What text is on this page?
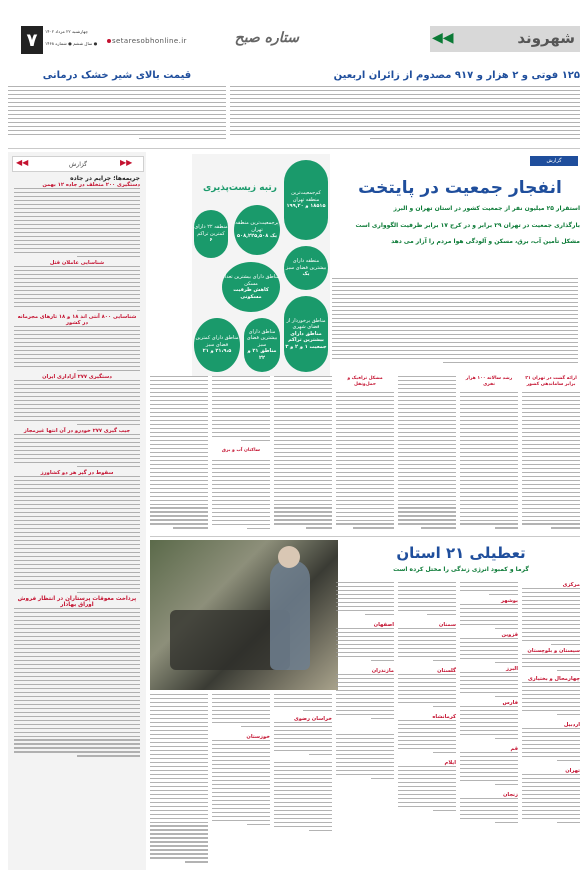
۷ چهارشنبه ۲۲ مرداد ۱۴۰۲
● سال ششم ● شماره ۱۴۶۸	setaresobhonline.ir	ستاره صبح	شهروند
◀◀
۱۲۵ فوتی و ۲ هزار و ۹۱۷ مصدوم از زائران اربعین
قیمت بالای شیر خشک درمانی
گزارش
انفجار جمعیت در پایتخت
استقرار ۲۵ میلیون نفر از جمعیت کشور در استان تهران و البرز
بارگذاری جمعیت در تهران ۲۹ برابر و در کرج ۱۷ برابر ظرفیت الگوواری است
مشکل تأمین آب، برق، مسکن و آلودگی هوا مردم را آزار می دهد
رتبه زیست‌پذیری
کم‌جمعیت‌ترین منطقه تهران
۱۸۵۱۵ و ۱۹۹,۲۰
پرجمعیت‌ترین منطقه تهران
یک ۵۰۸,۲۲۵,۵۰۸
منطقه ۲۲ دارای کمترین تراکم
۶
منطقه دارای بیشترین فضای سبز
یک
مناطق برخوردار از فضای شهری
مناطق دارای بیشترین تراکم جمعیت ۱ و ۲ و ۳
مناطق دارای بیشترین تعداد مسکن
کاهش ظرفیت مسکونی
مناطق دارای کمترین فضای سبز
۲۱،۹،۵ و ۲۱
مناطق دارای بیشترین فضای سبز
مناطق ۲۱ و ۲۲
ارائه گشت در تهران ۲۱ برابر ساماندهی کشور
رشد سالانه ۱۰۰ هزار نفری
مشکل ترافیک و حمل‌ونقل
ساکنان آب و برق
تعطیلی ۲۱ استان
گرما و کمبود انرژی زندگی را مختل کرده است
مرکزی
سیستان و بلوچستان
چهارمحال و بختیاری
اردبیل
تهران
بوشهر
قزوین
البرز
فارس
قم
زنجان
سمنان
گلستان
کرمانشاه
ایلام
اصفهان
مازندران
خراسان رضوی
خوزستان
گزارش
◀◀	▶▶
جریمه‌ها؛ جرایم در جاده
دستگیری ۲۰۰ متخلف در جاده ۱۲ بهمن
شناسایی عاملان قتل
شناسایی ۸۰۰ آنتی اند ۱۸ و ۱۸ تارهای مجرمانه در کشور
دستگیری ۲۷۷ آزاداری ایران
جیب گیری ۲۷۷ خودرو در آن انتها غیرمجاز
سقوط در گیر هر دو کشاورز
پرداخت معوقات پرستاران در انتظار فروش اوراق بهادار
